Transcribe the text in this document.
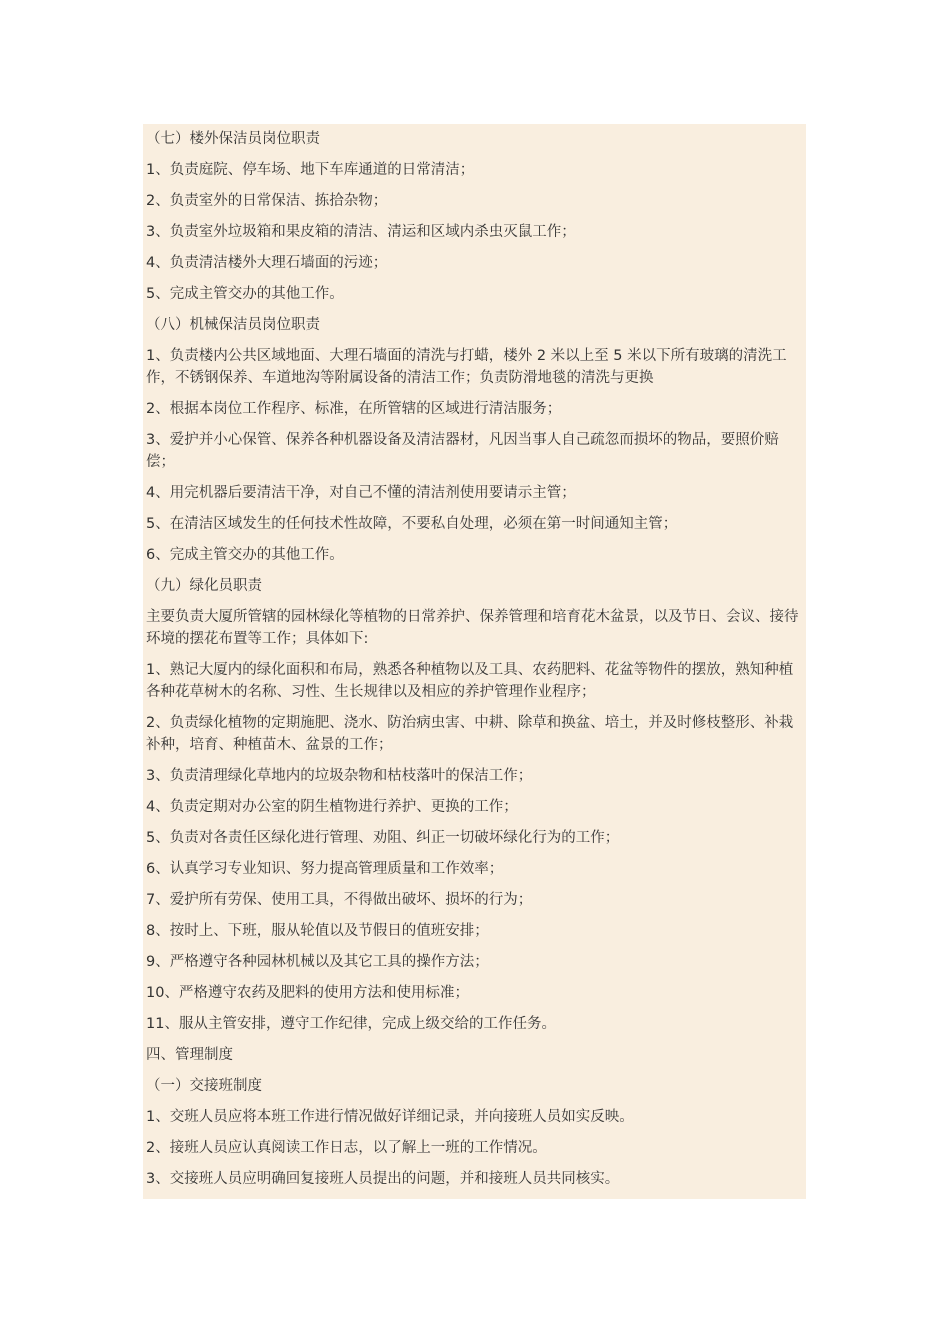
（七）楼外保洁员岗位职责

1、负责庭院、停车场、地下车库通道的日常清洁；

2、负责室外的日常保洁、拣拾杂物；

3、负责室外垃圾箱和果皮箱的清洁、清运和区域内杀虫灭鼠工作；

4、负责清洁楼外大理石墙面的污迹；

5、完成主管交办的其他工作。

（八）机械保洁员岗位职责

1、负责楼内公共区域地面、大理石墙面的清洗与打蜡，楼外 2 米以上至 5 米以下所有玻璃的清洗工作，不锈钢保养、车道地沟等附属设备的清洁工作；负责防滑地毯的清洗与更换

2、根据本岗位工作程序、标准，在所管辖的区域进行清洁服务；

3、爱护并小心保管、保养各种机器设备及清洁器材，凡因当事人自己疏忽而损坏的物品，要照价赔偿；

4、用完机器后要清洁干净，对自己不懂的清洁剂使用要请示主管；

5、在清洁区域发生的任何技术性故障，不要私自处理，必须在第一时间通知主管；

6、完成主管交办的其他工作。

（九）绿化员职责

主要负责大厦所管辖的园林绿化等植物的日常养护、保养管理和培育花木盆景，以及节日、会议、接待环境的摆花布置等工作；具体如下:

1、熟记大厦内的绿化面积和布局，熟悉各种植物以及工具、农药肥料、花盆等物件的摆放，熟知种植各种花草树木的名称、习性、生长规律以及相应的养护管理作业程序；

2、负责绿化植物的定期施肥、浇水、防治病虫害、中耕、除草和换盆、培土，并及时修枝整形、补栽补种，培育、种植苗木、盆景的工作；

3、负责清理绿化草地内的垃圾杂物和枯枝落叶的保洁工作；

4、负责定期对办公室的阴生植物进行养护、更换的工作；

5、负责对各责任区绿化进行管理、劝阻、纠正一切破坏绿化行为的工作；

6、认真学习专业知识、努力提高管理质量和工作效率；

7、爱护所有劳保、使用工具，不得做出破坏、损坏的行为；

8、按时上、下班，服从轮值以及节假日的值班安排；

9、严格遵守各种园林机械以及其它工具的操作方法；

10、严格遵守农药及肥料的使用方法和使用标准；

11、服从主管安排，遵守工作纪律，完成上级交给的工作任务。

四、管理制度

（一）交接班制度

1、交班人员应将本班工作进行情况做好详细记录，并向接班人员如实反映。

2、接班人员应认真阅读工作日志，以了解上一班的工作情况。

3、交接班人员应明确回复接班人员提出的问题，并和接班人员共同核实。
